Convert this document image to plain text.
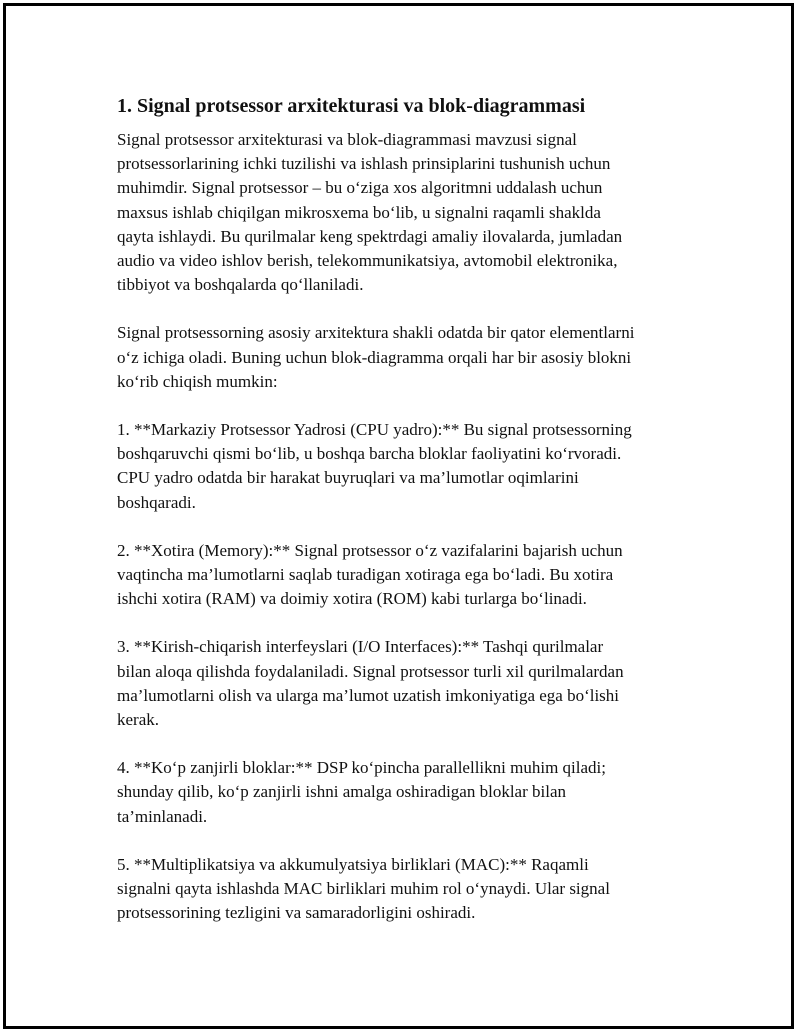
1. Signal protsessor arxitekturasi va blok-diagrammasi
Signal protsessor arxitekturasi va blok-diagrammasi mavzusi signal
protsessorlarining ichki tuzilishi va ishlash prinsiplarini tushunish uchun
muhimdir. Signal protsessor – bu o‘ziga xos algoritmni uddalash uchun
maxsus ishlab chiqilgan mikrosxema bo‘lib, u signalni raqamli shaklda
qayta ishlaydi. Bu qurilmalar keng spektrdagi amaliy ilovalarda, jumladan
audio va video ishlov berish, telekommunikatsiya, avtomobil elektronika,
tibbiyot va boshqalarda qo‘llaniladi.
Signal protsessorning asosiy arxitektura shakli odatda bir qator elementlarni
o‘z ichiga oladi. Buning uchun blok-diagramma orqali har bir asosiy blokni
ko‘rib chiqish mumkin:
1. **Markaziy Protsessor Yadrosi (CPU yadro):** Bu signal protsessorning
boshqaruvchi qismi bo‘lib, u boshqa barcha bloklar faoliyatini ko‘rvoradi.
CPU yadro odatda bir harakat buyruqlari va ma’lumotlar oqimlarini
boshqaradi.
2. **Xotira (Memory):** Signal protsessor o‘z vazifalarini bajarish uchun
vaqtincha ma’lumotlarni saqlab turadigan xotiraga ega bo‘ladi. Bu xotira
ishchi xotira (RAM) va doimiy xotira (ROM) kabi turlarga bo‘linadi.
3. **Kirish-chiqarish interfeyslari (I/O Interfaces):** Tashqi qurilmalar
bilan aloqa qilishda foydalaniladi. Signal protsessor turli xil qurilmalardan
ma’lumotlarni olish va ularga ma’lumot uzatish imkoniyatiga ega bo‘lishi
kerak.
4. **Ko‘p zanjirli bloklar:** DSP ko‘pincha parallellikni muhim qiladi;
shunday qilib, ko‘p zanjirli ishni amalga oshiradigan bloklar bilan
ta’minlanadi.
5. **Multiplikatsiya va akkumulyatsiya birliklari (MAC):** Raqamli
signalni qayta ishlashda MAC birliklari muhim rol o‘ynaydi. Ular signal
protsessorining tezligini va samaradorligini oshiradi.
